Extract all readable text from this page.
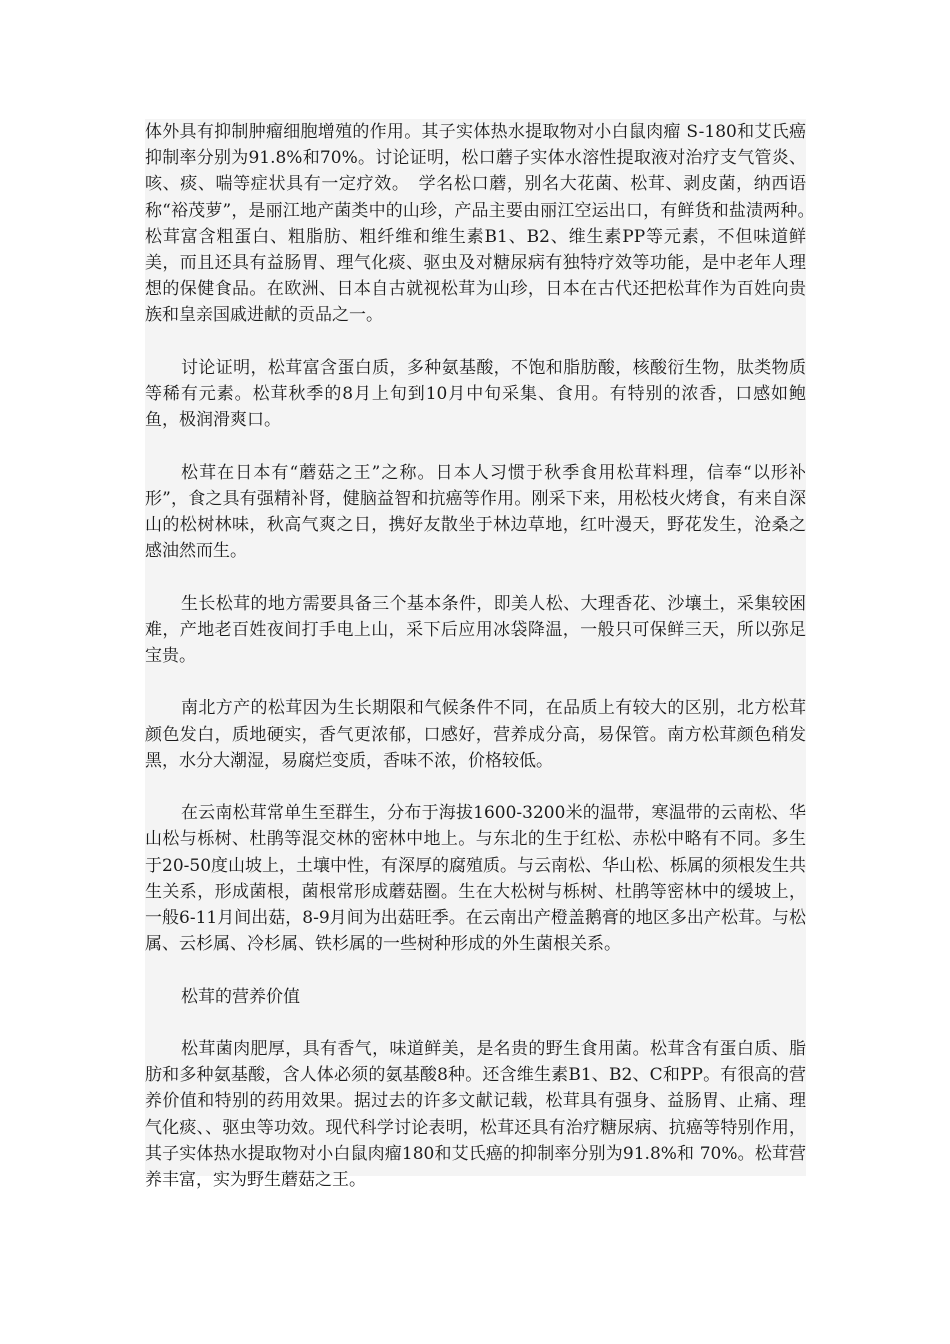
体外具有抑制肿瘤细胞增殖的作用。其子实体热水提取物对小白鼠肉瘤 S-180和艾氏癌抑制率分别为91.8%和70%。讨论证明，松口蘑子实体水溶性提取液对治疗支气管炎、咳、痰、喘等症状具有一定疗效。　学名松口蘑，别名大花菌、松茸、剥皮菌，纳西语称“裕茂萝”，是丽江地产菌类中的山珍，产品主要由丽江空运出口，有鲜货和盐渍两种。　松茸富含粗蛋白、粗脂肪、粗纤维和维生素B1、B2、维生素PP等元素，不但味道鲜美，而且还具有益肠胃、理气化痰、驱虫及对糖尿病有独特疗效等功能，是中老年人理想的保健食品。在欧洲、日本自古就视松茸为山珍，日本在古代还把松茸作为百姓向贵族和皇亲国戚进献的贡品之一。

讨论证明，松茸富含蛋白质，多种氨基酸，不饱和脂肪酸，核酸衍生物，肽类物质等稀有元素。松茸秋季的8月上旬到10月中旬采集、食用。有特别的浓香，口感如鲍鱼，极润滑爽口。

松茸在日本有“蘑菇之王”之称。日本人习惯于秋季食用松茸料理，信奉“以形补形”，食之具有强精补肾，健脑益智和抗癌等作用。刚采下来，用松枝火烤食，有来自深山的松树林味，秋高气爽之日，携好友散坐于林边草地，红叶漫天，野花发生，沧桑之感油然而生。

生长松茸的地方需要具备三个基本条件，即美人松、大理香花、沙壤土，采集较困难，产地老百姓夜间打手电上山，采下后应用冰袋降温，一般只可保鲜三天，所以弥足宝贵。

南北方产的松茸因为生长期限和气候条件不同，在品质上有较大的区别，北方松茸颜色发白，质地硬实，香气更浓郁，口感好，营养成分高，易保管。南方松茸颜色稍发黑，水分大潮湿，易腐烂变质，香味不浓，价格较低。

在云南松茸常单生至群生，分布于海拔1600-3200米的温带，寒温带的云南松、华山松与栎树、杜鹃等混交林的密林中地上。与东北的生于红松、赤松中略有不同。多生于20-50度山坡上，土壤中性，有深厚的腐殖质。与云南松、华山松、栎属的须根发生共生关系，形成菌根，菌根常形成蘑菇圈。生在大松树与栎树、杜鹃等密林中的缓坡上，一般6-11月间出菇，8-9月间为出菇旺季。在云南出产橙盖鹅膏的地区多出产松茸。与松属、云杉属、冷杉属、铁杉属的一些树种形成的外生菌根关系。

松茸的营养价值

松茸菌肉肥厚，具有香气，味道鲜美，是名贵的野生食用菌。松茸含有蛋白质、脂肪和多种氨基酸，含人体必须的氨基酸8种。还含维生素B1、B2、C和PP。有很高的营养价值和特别的药用效果。据过去的许多文献记载，松茸具有强身、益肠胃、止痛、理气化痰、、驱虫等功效。现代科学讨论表明，松茸还具有治疗糖尿病、抗癌等特别作用，其子实体热水提取物对小白鼠肉瘤180和艾氏癌的抑制率分别为91.8%和 70%。松茸营养丰富，实为野生蘑菇之王。
